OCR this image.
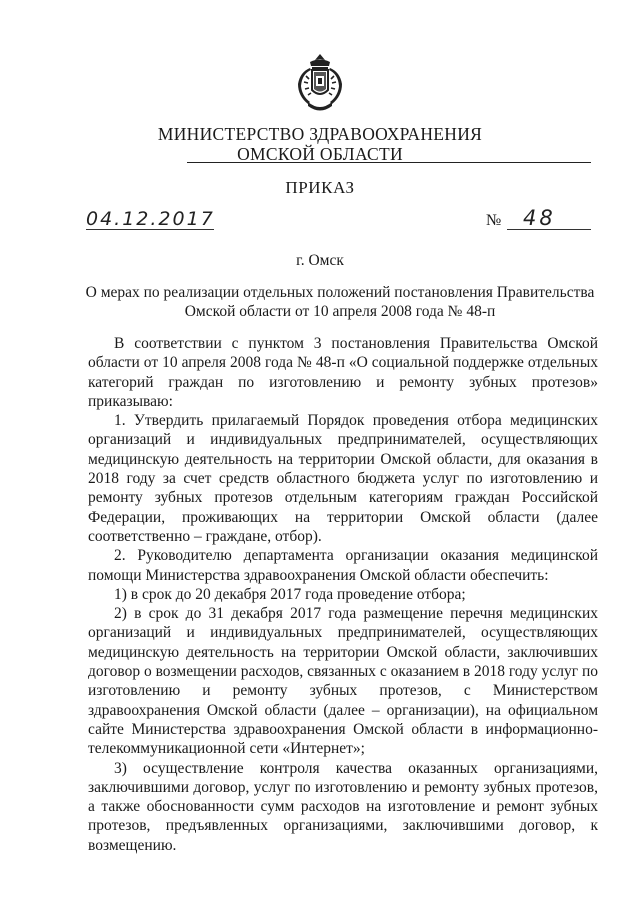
МИНИСТЕРСТВО ЗДРАВООХРАНЕНИЯ
ОМСКОЙ ОБЛАСТИ
ПРИКАЗ
04.12.2017	№ 48
г. Омск
О мерах по реализации отдельных положений постановления Правительства
Омской области от 10 апреля 2008 года № 48-п

В соответствии с пунктом 3 постановления Правительства Омской области от 10 апреля 2008 года № 48-п «О социальной поддержке отдельных категорий граждан по изготовлению и ремонту зубных протезов» приказываю:

1. Утвердить прилагаемый Порядок проведения отбора медицинских организаций и индивидуальных предпринимателей, осуществляющих медицинскую деятельность на территории Омской области, для оказания в 2018 году за счет средств областного бюджета услуг по изготовлению и ремонту зубных протезов отдельным категориям граждан Российской Федерации, проживающих на территории Омской области (далее соответственно – граждане, отбор).

2. Руководителю департамента организации оказания медицинской помощи Министерства здравоохранения Омской области обеспечить:

1) в срок до 20 декабря 2017 года проведение отбора;

2) в срок до 31 декабря 2017 года размещение перечня медицинских организаций и индивидуальных предпринимателей, осуществляющих медицинскую деятельность на территории Омской области, заключивших договор о возмещении расходов, связанных с оказанием в 2018 году услуг по изготовлению и ремонту зубных протезов, с Министерством здравоохранения Омской области (далее – организации), на официальном сайте Министерства здравоохранения Омской области в информационно-телекоммуникационной сети «Интернет»;

3) осуществление контроля качества оказанных организациями, заключившими договор, услуг по изготовлению и ремонту зубных протезов, а также обоснованности сумм расходов на изготовление и ремонт зубных протезов, предъявленных организациями, заключившими договор, к возмещению.
